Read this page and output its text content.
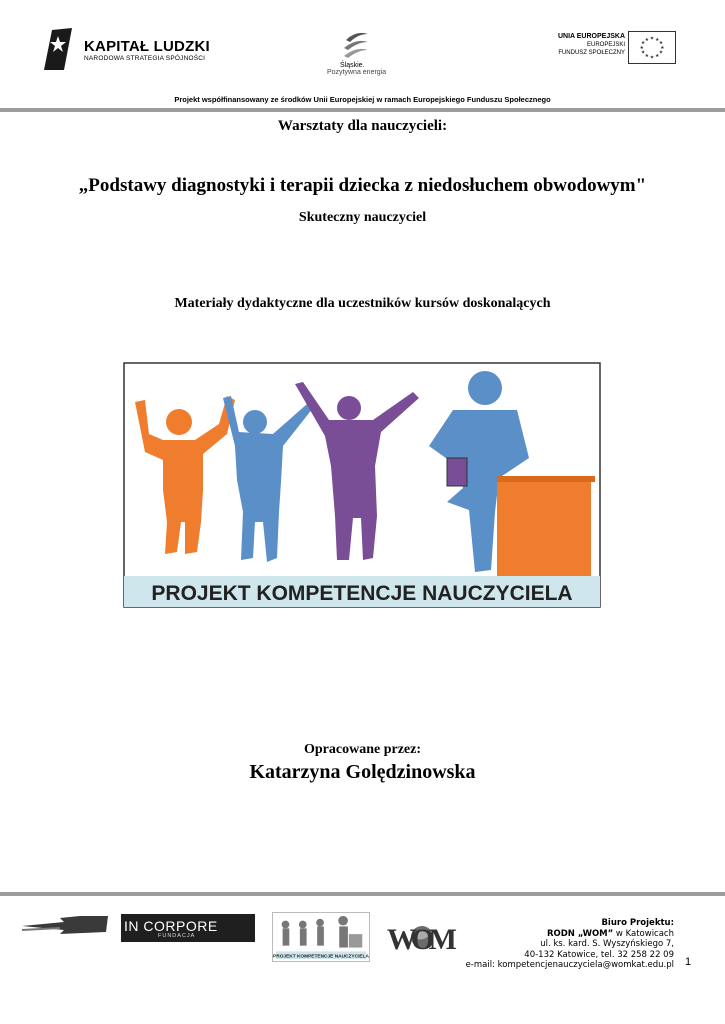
KAPITAŁ LUDZKI
NARODOWA STRATEGIA SPÓJNOŚCI
Śląskie.
Pozytywna energia
UNIA EUROPEJSKA
EUROPEJSKI
FUNDUSZ SPOŁECZNY
★ ★
★
★
★
★
★
★
★
★
★
★
Projekt współfinansowany ze środków Unii Europejskiej w ramach Europejskiego Funduszu Społecznego
Warsztaty dla nauczycieli:
„Podstawy diagnostyki i terapii dziecka z niedosłuchem obwodowym"
Skuteczny nauczyciel
Materiały dydaktyczne dla uczestników kursów doskonalących
PROJEKT KOMPETENCJE NAUCZYCIELA
Opracowane przez:
Katarzyna Golędzinowska
IN CORPORE
FUNDACJA
PROJEKT KOMPETENCJE NAUCZYCIELA
WOM	Biuro Projektu:
RODN „WOM” w Katowicach
ul. ks. kard. S. Wyszyńskiego 7,
40-132 Katowice, tel. 32 258 22 09
e-mail: kompetencjenauczyciela@womkat.edu.pl 1
